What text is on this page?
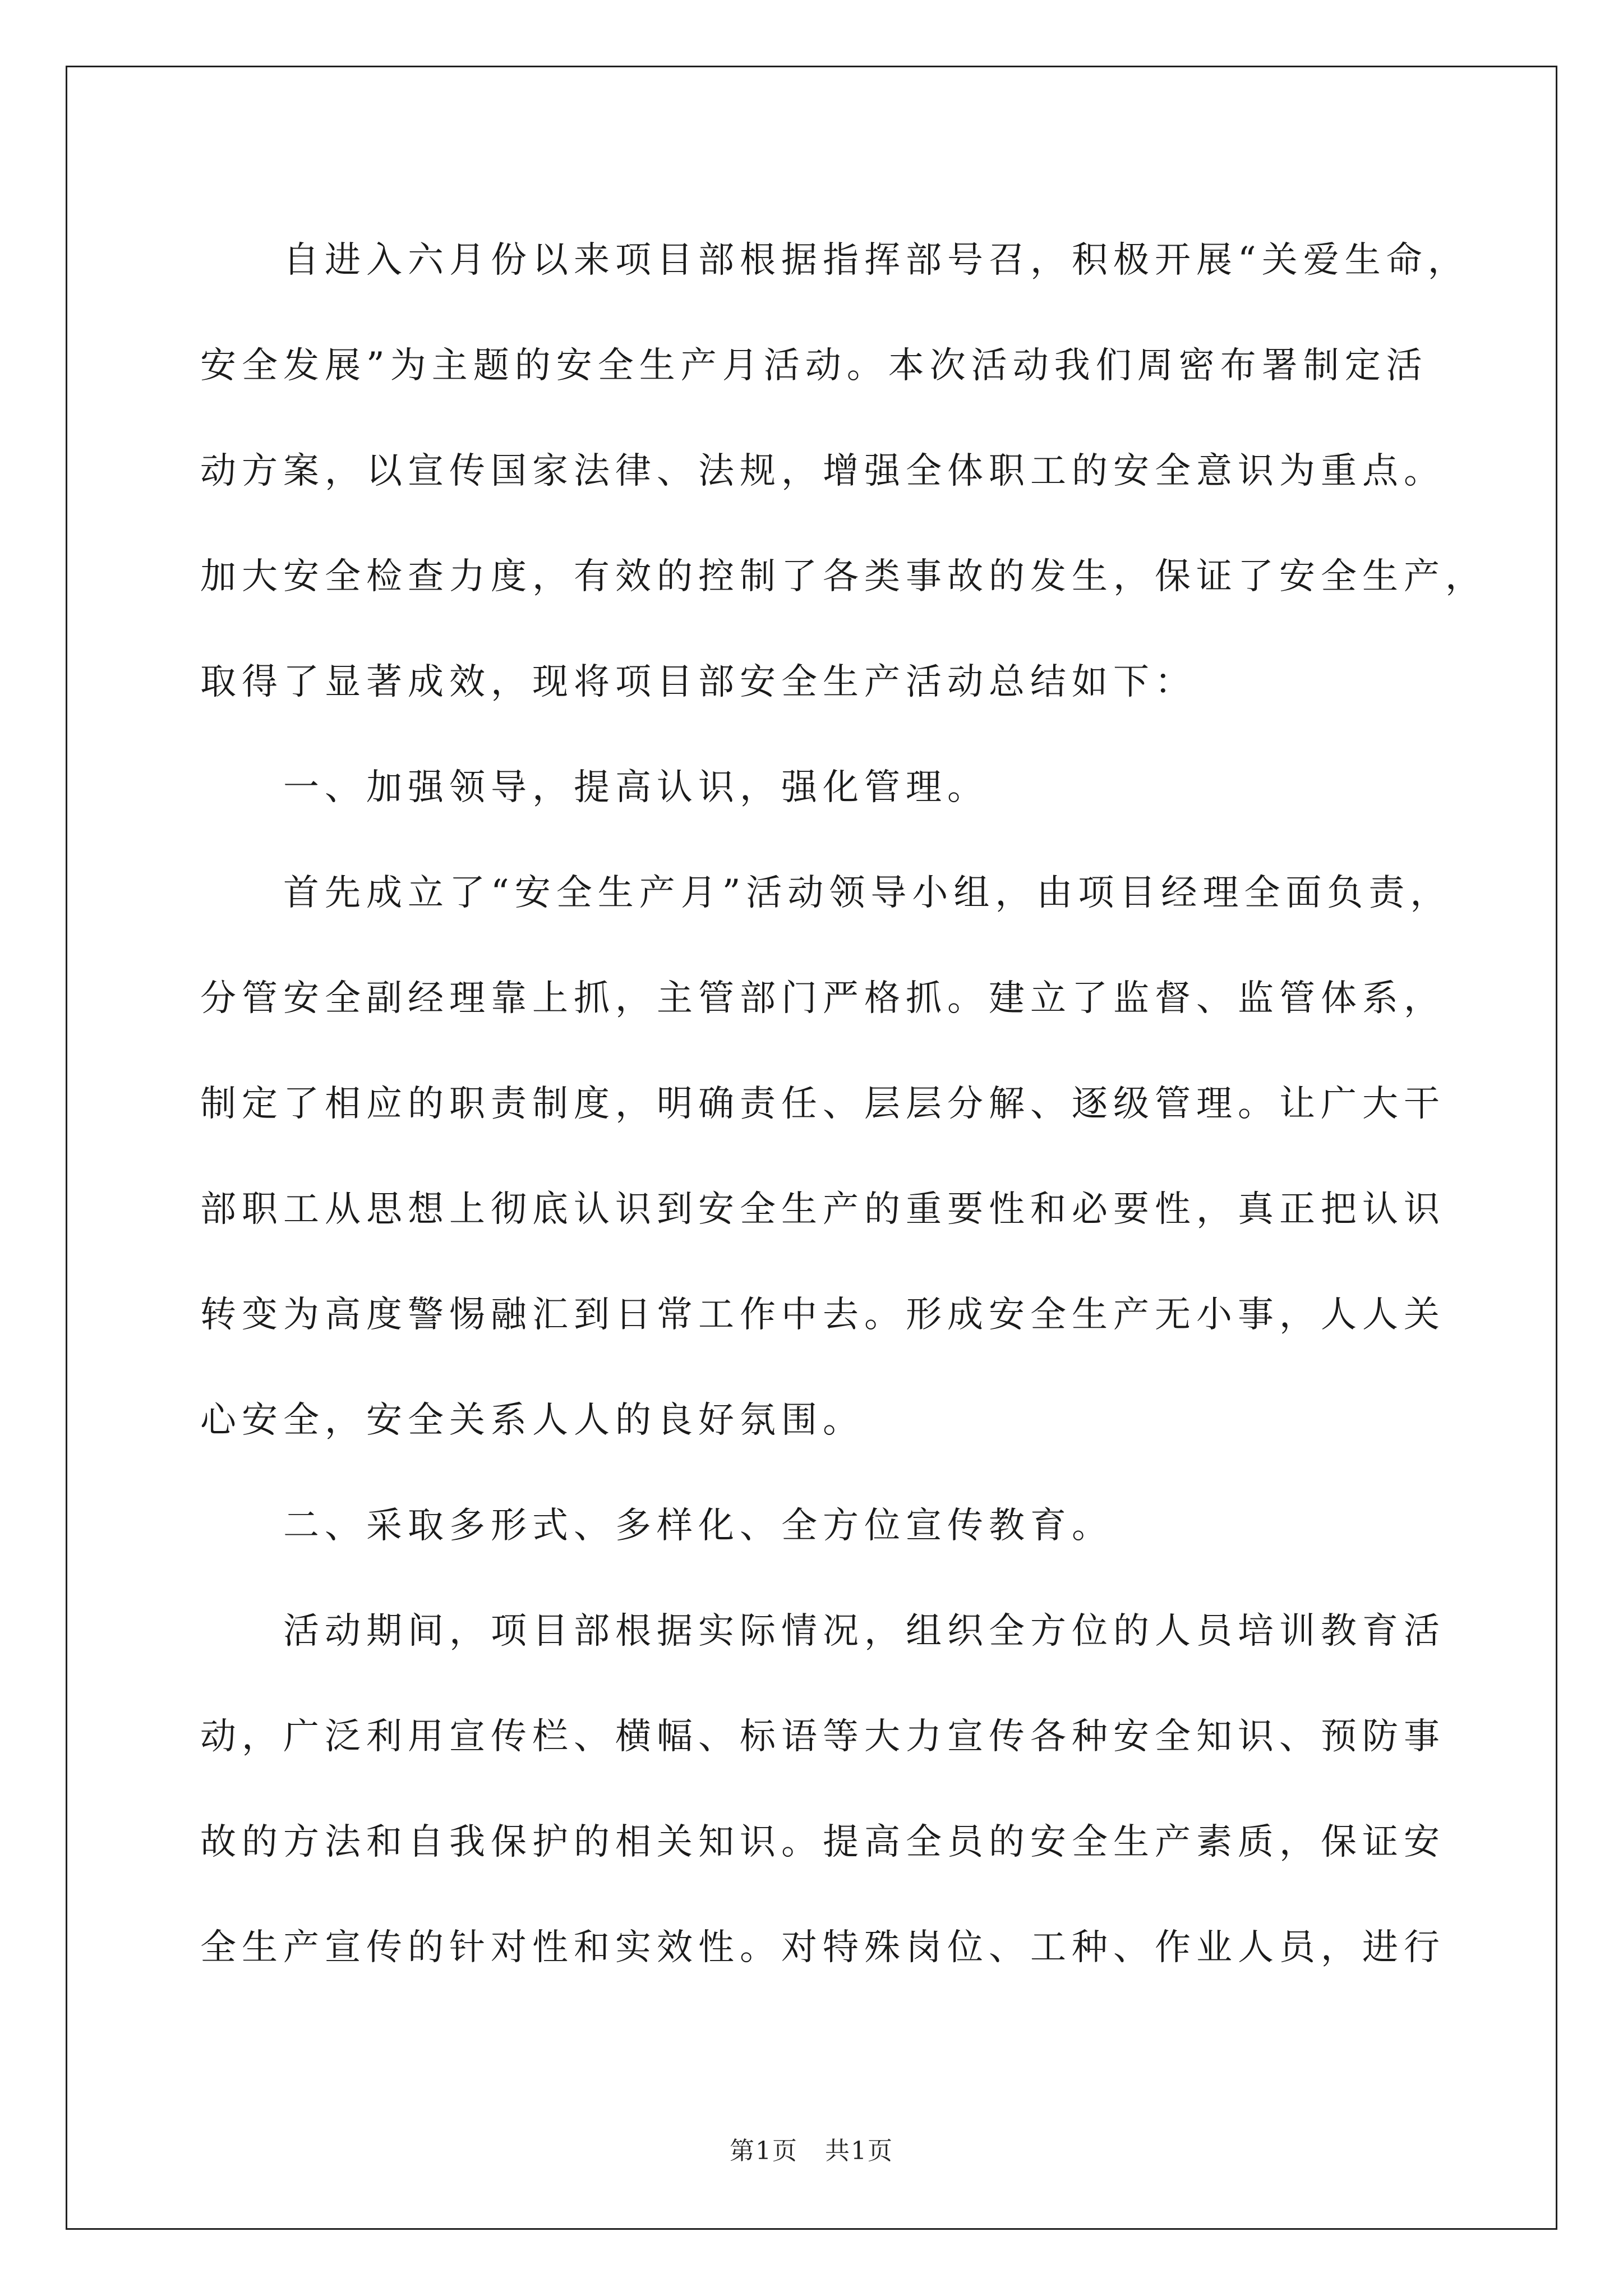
自进入六月份以来项目部根据指挥部号召，积极开展“关爱生命，
安全发展”为主题的安全生产月活动。本次活动我们周密布署制定活
动方案，以宣传国家法律、法规，增强全体职工的安全意识为重点。
加大安全检查力度，有效的控制了各类事故的发生，保证了安全生产，
取得了显著成效，现将项目部安全生产活动总结如下：

一、加强领导，提高认识，强化管理。

首先成立了“安全生产月”活动领导小组，由项目经理全面负责，
分管安全副经理靠上抓，主管部门严格抓。建立了监督、监管体系，
制定了相应的职责制度，明确责任、层层分解、逐级管理。让广大干
部职工从思想上彻底认识到安全生产的重要性和必要性，真正把认识
转变为高度警惕融汇到日常工作中去。形成安全生产无小事，人人关
心安全，安全关系人人的良好氛围。

二、采取多形式、多样化、全方位宣传教育。

活动期间，项目部根据实际情况，组织全方位的人员培训教育活
动，广泛利用宣传栏、横幅、标语等大力宣传各种安全知识、预防事
故的方法和自我保护的相关知识。提高全员的安全生产素质，保证安
全生产宣传的针对性和实效性。对特殊岗位、工种、作业人员，进行

第1页 共1页
